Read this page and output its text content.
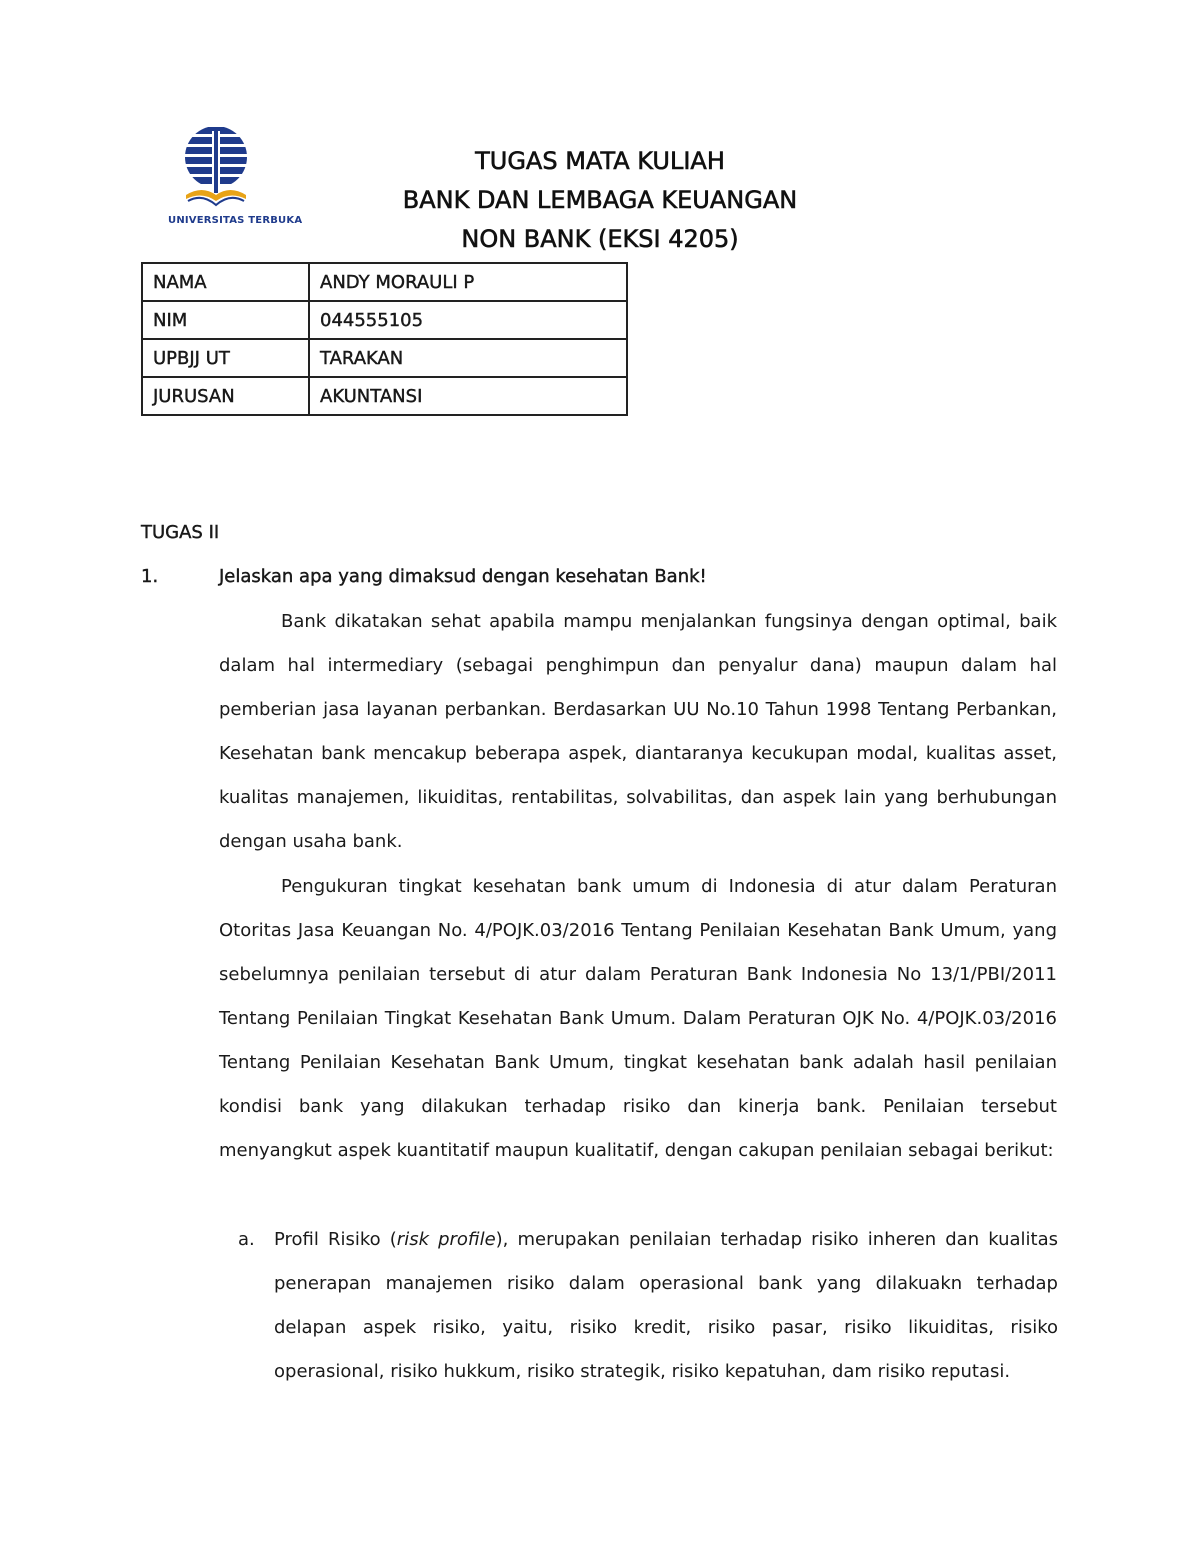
UNIVERSITAS TERBUKA
TUGAS MATA KULIAH
BANK DAN LEMBAGA KEUANGAN
NON BANK (EKSI 4205)
NAMA	ANDY MORAULI P
NIM	044555105
UPBJJ UT	TARAKAN
JURUSAN	AKUNTANSI
TUGAS II
1.	Jelaskan apa yang dimaksud dengan kesehatan Bank!
Bank dikatakan sehat apabila mampu menjalankan fungsinya dengan optimal, baik dalam hal intermediary (sebagai penghimpun dan penyalur dana) maupun dalam hal pemberian jasa layanan perbankan. Berdasarkan UU No.10 Tahun 1998 Tentang Perbankan, Kesehatan bank mencakup beberapa aspek, diantaranya kecukupan modal, kualitas asset, kualitas manajemen, likuiditas, rentabilitas, solvabilitas, dan aspek lain yang berhubungan dengan usaha bank.
Pengukuran tingkat kesehatan bank umum di Indonesia di atur dalam Peraturan Otoritas Jasa Keuangan No. 4/POJK.03/2016 Tentang Penilaian Kesehatan Bank Umum, yang sebelumnya penilaian tersebut di atur dalam Peraturan Bank Indonesia No 13/1/PBI/2011 Tentang Penilaian Tingkat Kesehatan Bank Umum. Dalam Peraturan OJK No. 4/POJK.03/2016 Tentang Penilaian Kesehatan Bank Umum, tingkat kesehatan bank adalah hasil penilaian kondisi bank yang dilakukan terhadap risiko dan kinerja bank. Penilaian tersebut menyangkut aspek kuantitatif maupun kualitatif, dengan cakupan penilaian sebagai berikut:
a. Profil Risiko (risk profile), merupakan penilaian terhadap risiko inheren dan kualitas penerapan manajemen risiko dalam operasional bank yang dilakuakn terhadap delapan aspek risiko, yaitu, risiko kredit, risiko pasar, risiko likuiditas, risiko operasional, risiko hukkum, risiko strategik, risiko kepatuhan, dam risiko reputasi.
